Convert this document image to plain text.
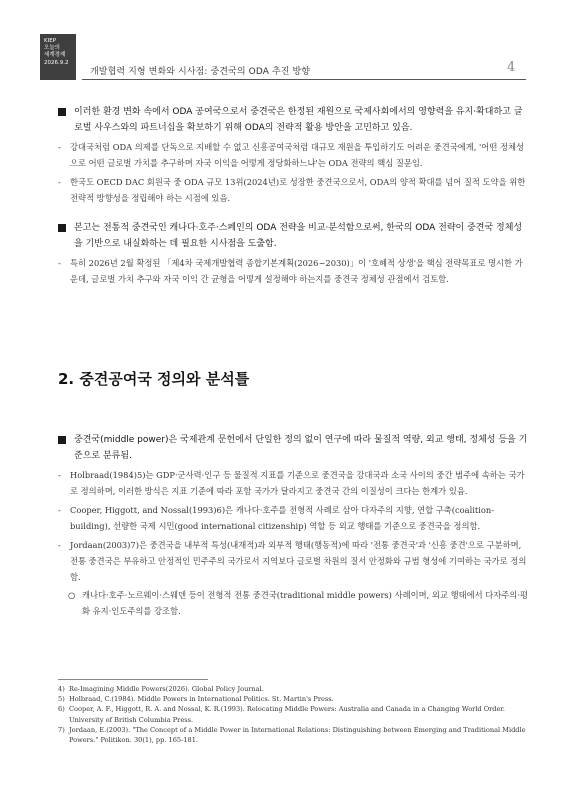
KIEP
오늘의
세계경제
2026.9.2
개발협력 지형 변화와 시사점: 중견국의 ODA 추진 방향	4

이러한 환경 변화 속에서 ODA 공여국으로서 중견국은 한정된 재원으로 국제사회에서의 영향력을 유지·확대하고 글로벌 사우스와의 파트너십을 확보하기 위해 ODA의 전략적 활용 방안을 고민하고 있음.

- 강대국처럼 ODA 의제를 단독으로 지배할 수 없고 신흥공여국처럼 대규모 재원을 투입하기도 어려운 중견국에게, '어떤 정체성으로 어떤 글로벌 가치를 추구하며 자국 이익을 어떻게 정당화하느냐'는 ODA 전략의 핵심 질문임.

- 한국도 OECD DAC 회원국 중 ODA 규모 13위(2024년)로 성장한 중견국으로서, ODA의 양적 확대를 넘어 질적 도약을 위한 전략적 방향성을 정립해야 하는 시점에 있음.

본고는 전통적 중견국인 캐나다·호주·스페인의 ODA 전략을 비교·분석함으로써, 한국의 ODA 전략이 중견국 정체성을 기반으로 내실화하는 데 필요한 시사점을 도출함.

- 특히 2026년 2월 확정된 「제4차 국제개발협력 종합기본계획(2026~2030)」이 '호혜적 상생'을 핵심 전략목표로 명시한 가운데, 글로벌 가치 추구와 자국 이익 간 균형을 어떻게 설정해야 하는지를 중견국 정체성 관점에서 검토함.

2. 중견공여국 정의와 분석틀

중견국(middle power)은 국제관계 문헌에서 단일한 정의 없이 연구에 따라 물질적 역량, 외교 행태, 정체성 등을 기준으로 분류됨.

- Holbraad(1984)5)는 GDP·군사력·인구 등 물질적 지표를 기준으로 중견국을 강대국과 소국 사이의 중간 범주에 속하는 국가로 정의하며, 이러한 방식은 지표 기준에 따라 포함 국가가 달라지고 중견국 간의 이질성이 크다는 한계가 있음.

- Cooper, Higgott, and Nossal(1993)6)은 캐나다·호주를 전형적 사례로 삼아 다자주의 지향, 연합 구축(coalition-building), 선량한 국제 시민(good international citizenship) 역할 등 외교 행태를 기준으로 중견국을 정의함.

- Jordaan(2003)7)은 중견국을 내부적 특성(내재적)과 외부적 행태(행동적)에 따라 '전통 중견국'과 '신흥 중견'으로 구분하며, 전통 중견국은 부유하고 안정적인 민주주의 국가로서 지역보다 글로벌 차원의 질서 안정화와 규범 형성에 기여하는 국가로 정의함.

○ 캐나다·호주·노르웨이·스웨덴 등이 전형적 전통 중견국(traditional middle powers) 사례이며, 외교 행태에서 다자주의·평화 유지·인도주의를 강조함.

4) Re-Imagining Middle Powers(2026). Global Policy Journal.

5) Holbraad, C.(1984). Middle Powers in International Politics. St. Martin's Press.

6) Cooper, A. F., Higgott, R. A. and Nossal, K. R.(1993). Relocating Middle Powers: Australia and Canada in a Changing World Order. University of British Columbia Press.

7) Jordaan, E.(2003). "The Concept of a Middle Power in International Relations: Distinguishing between Emerging and Traditional Middle Powers." Politikon. 30(1), pp. 165-181.
